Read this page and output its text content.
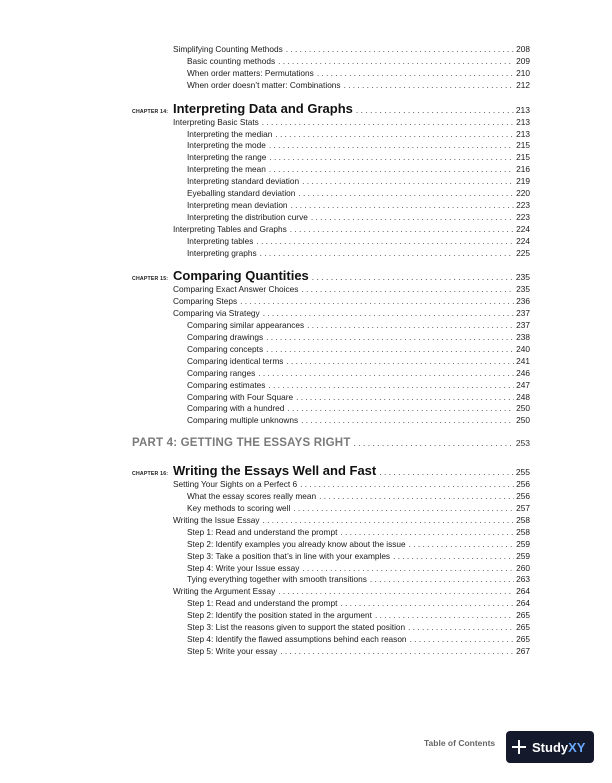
Simplifying Counting Methods . . .	208
Basic counting methods . . .	209
When order matters: Permutations . . .	210
When order doesn’t matter: Combinations . . .	212
CHAPTER 14: Interpreting Data and Graphs . . .	213
Interpreting Basic Stats . . .	213
Interpreting the median . . .	213
Interpreting the mode . . .	215
Interpreting the range . . .	215
Interpreting the mean . . .	216
Interpreting standard deviation . . .	219
Eyeballing standard deviation . . .	220
Interpreting mean deviation . . .	223
Interpreting the distribution curve . . .	223
Interpreting Tables and Graphs . . .	224
Interpreting tables . . .	224
Interpreting graphs . . .	225
CHAPTER 15: Comparing Quantities . . .	235
Comparing Exact Answer Choices . . .	235
Comparing Steps . . .	236
Comparing via Strategy . . .	237
Comparing similar appearances . . .	237
Comparing drawings . . .	238
Comparing concepts . . .	240
Comparing identical terms . . .	241
Comparing ranges . . .	246
Comparing estimates . . .	247
Comparing with Four Square . . .	248
Comparing with a hundred . . .	250
Comparing multiple unknowns . . .	250
PART 4: GETTING THE ESSAYS RIGHT . . .	253
CHAPTER 16: Writing the Essays Well and Fast . . .	255
Setting Your Sights on a Perfect 6 . . .	256
What the essay scores really mean . . .	256
Key methods to scoring well . . .	257
Writing the Issue Essay . . .	258
Step 1: Read and understand the prompt . . .	258
Step 2: Identify examples you already know about the issue . . .	259
Step 3: Take a position that’s in line with your examples . . .	259
Step 4: Write your Issue essay . . .	260
Tying everything together with smooth transitions . . .	263
Writing the Argument Essay . . .	264
Step 1: Read and understand the prompt . . .	264
Step 2: Identify the position stated in the argument . . .	265
Step 3: List the reasons given to support the stated position . . .	265
Step 4: Identify the flawed assumptions behind each reason . . .	265
Step 5: Write your essay . . .	267
Table of Contents	Study XY
